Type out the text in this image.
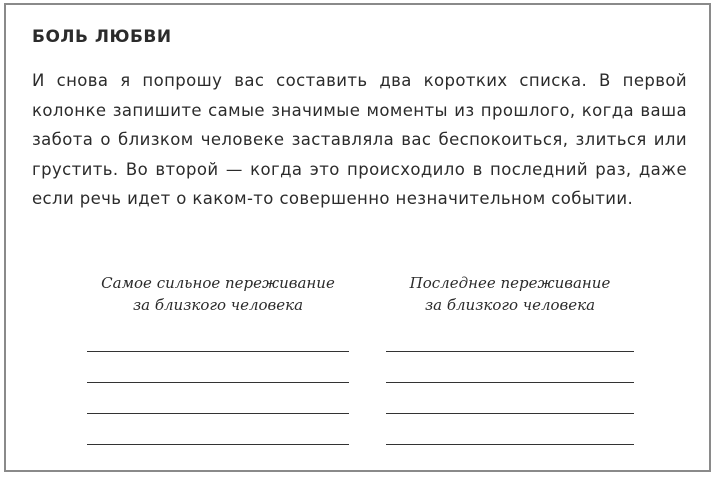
БОЛЬ ЛЮБВИ
И снова я попрошу вас составить два коротких списка. В первой колонке запишите самые значимые моменты из прошлого, когда ваша забота о близком человеке заставляла вас беспокоиться, злиться или грустить. Во второй — когда это происходило в последний раз, даже если речь идет о каком-то совершенно незначительном событии.
Самое сильное переживание
за близкого человека
Последнее переживание
за близкого человека
